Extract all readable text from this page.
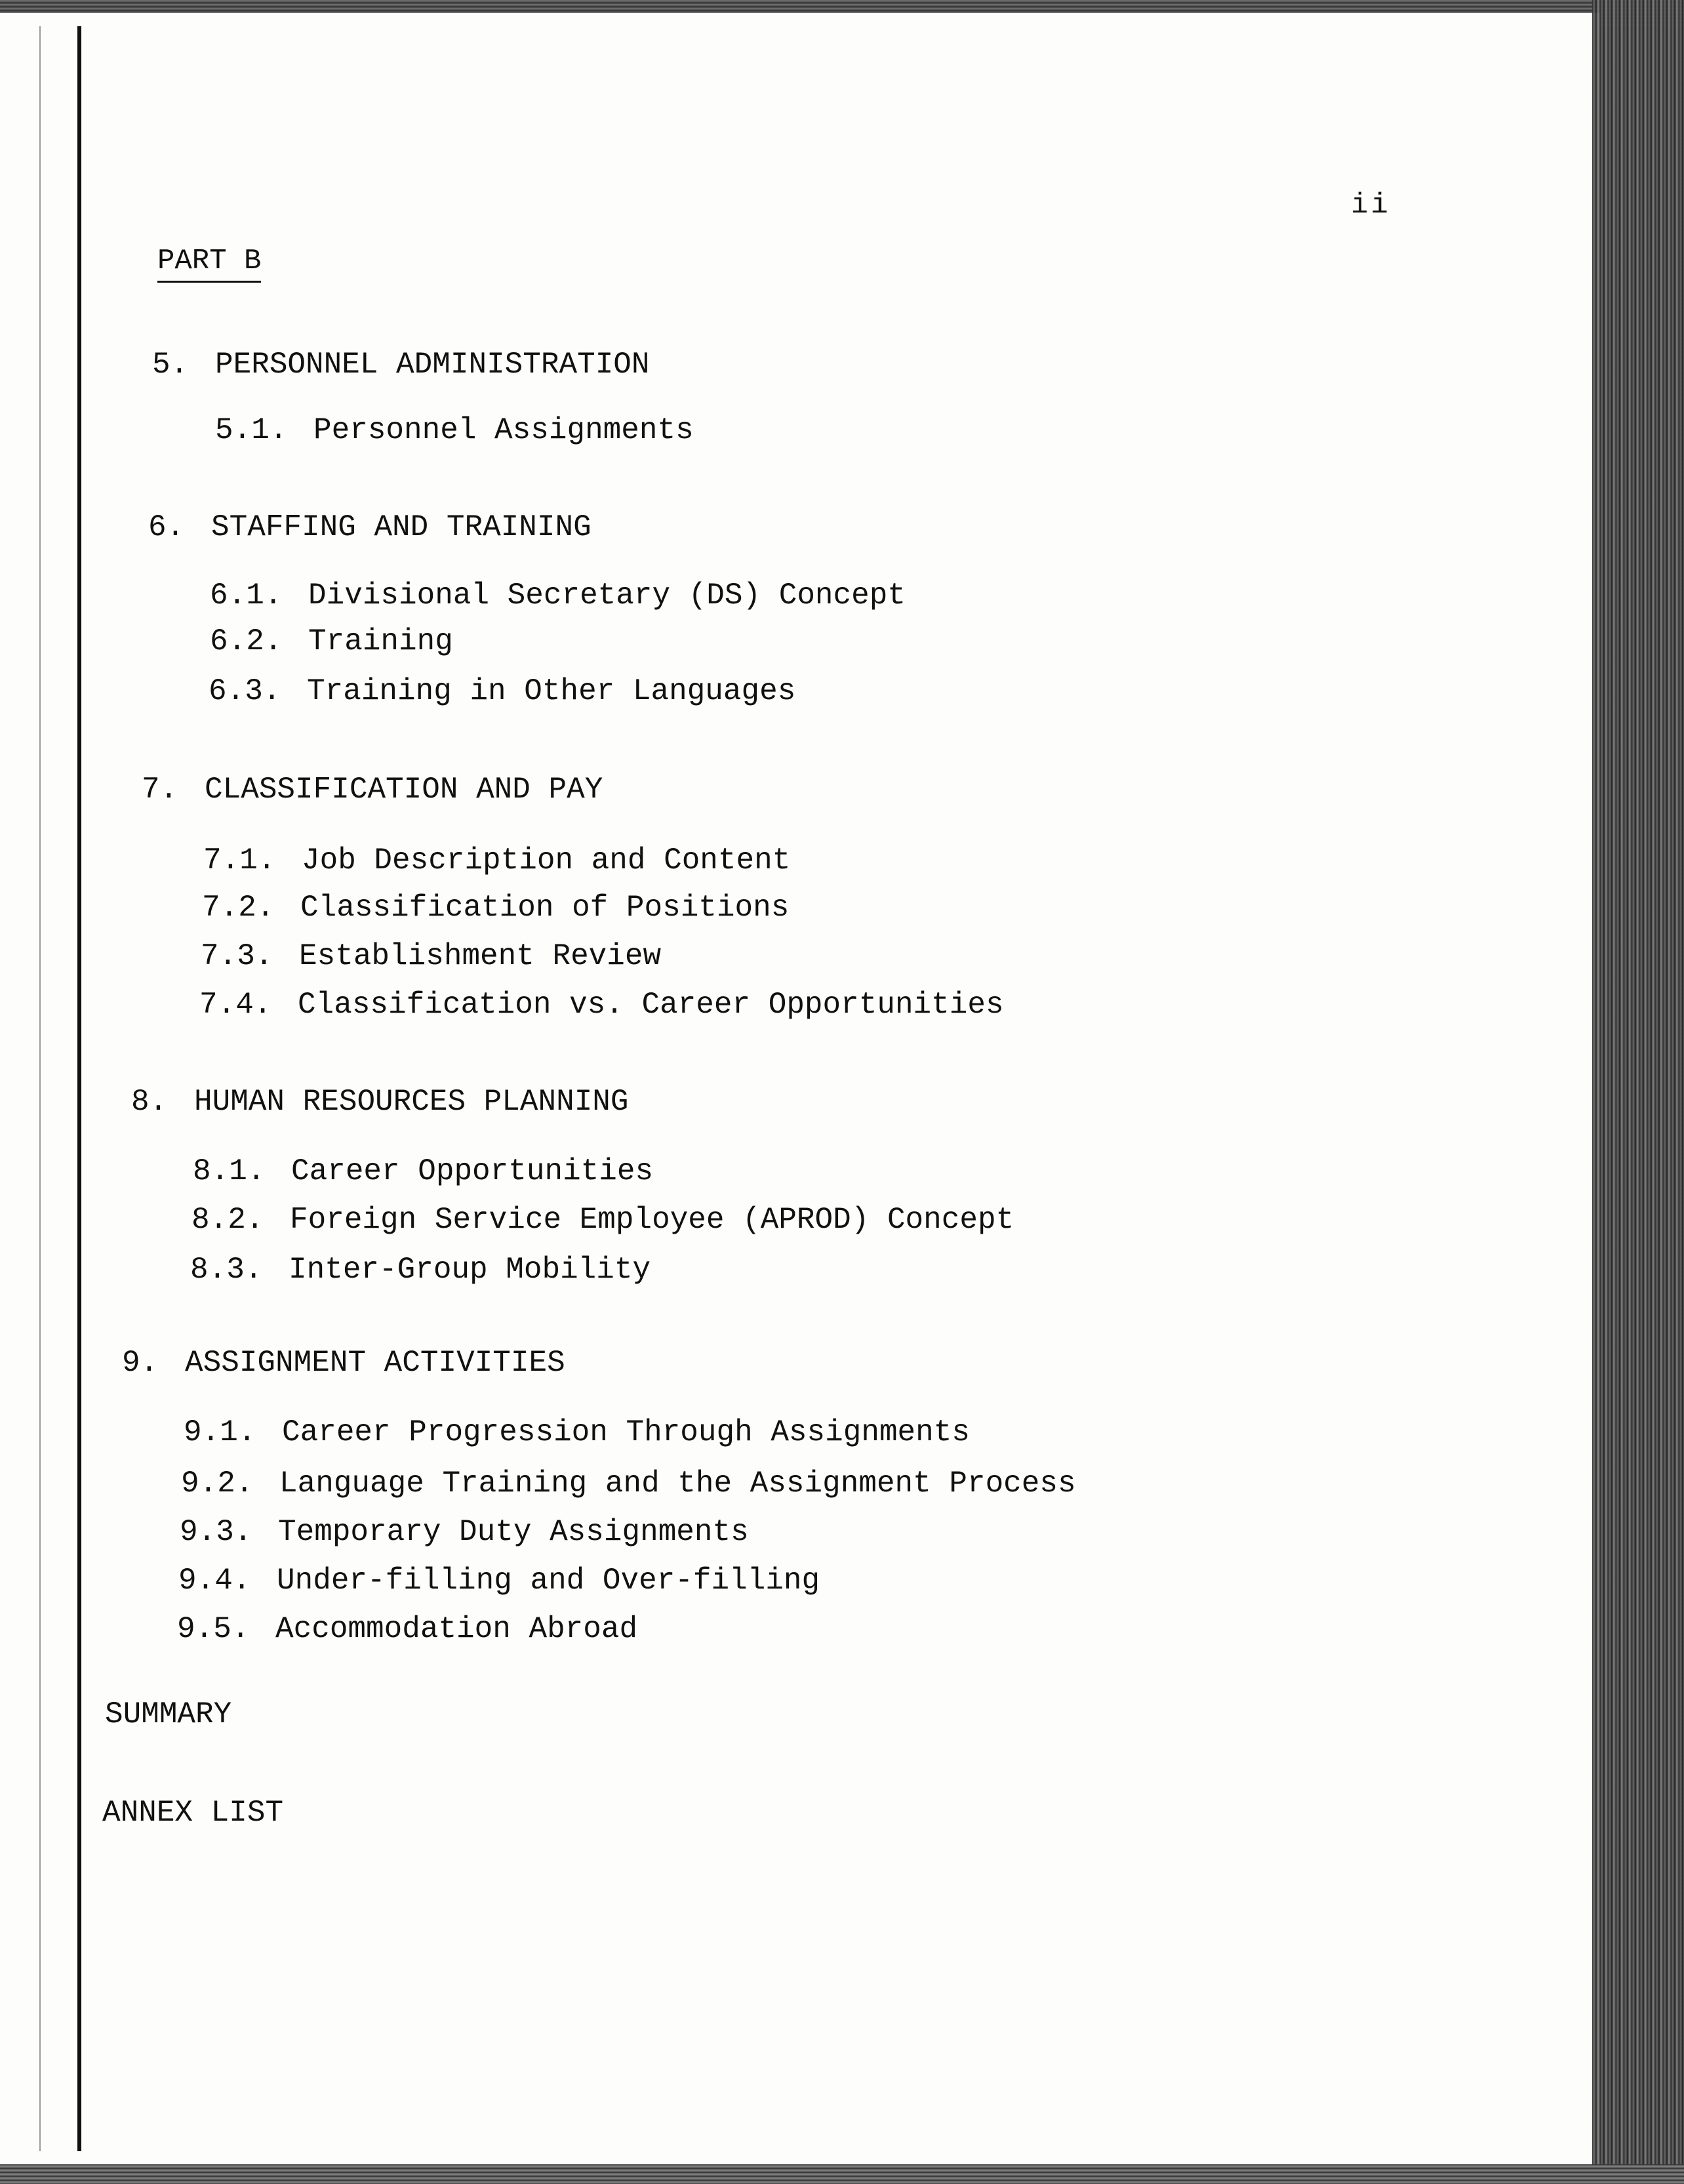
ii
PART B
5. PERSONNEL ADMINISTRATION
5.1. Personnel Assignments
6. STAFFING AND TRAINING
6.1. Divisional Secretary (DS) Concept
6.2. Training
6.3. Training in Other Languages
7. CLASSIFICATION AND PAY
7.1. Job Description and Content
7.2. Classification of Positions
7.3. Establishment Review
7.4. Classification vs. Career Opportunities
8. HUMAN RESOURCES PLANNING
8.1. Career Opportunities
8.2. Foreign Service Employee (APROD) Concept
8.3. Inter-Group Mobility
9. ASSIGNMENT ACTIVITIES
9.1. Career Progression Through Assignments
9.2. Language Training and the Assignment Process
9.3. Temporary Duty Assignments
9.4. Under-filling and Over-filling
9.5. Accommodation Abroad
SUMMARY
ANNEX LIST
